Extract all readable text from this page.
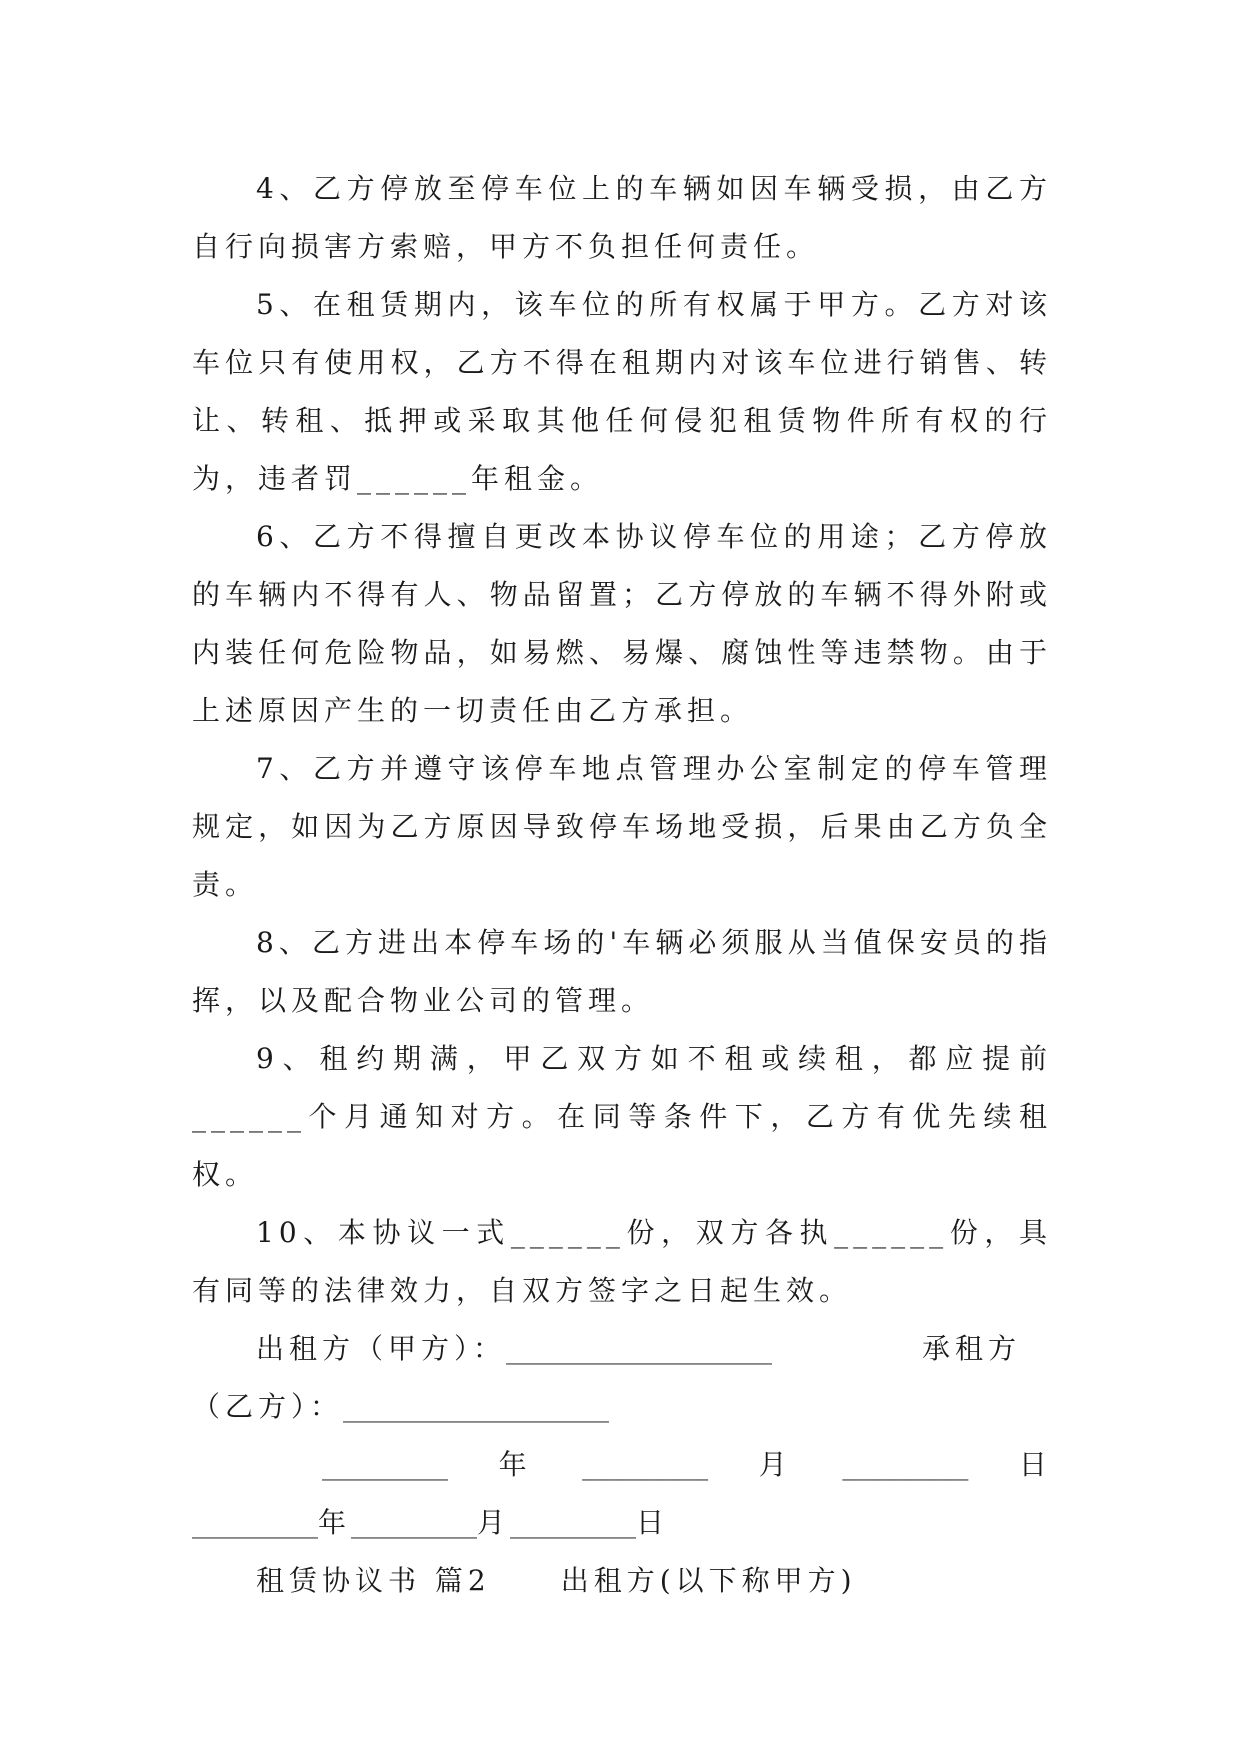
4、乙方停放至停车位上的车辆如因车辆受损，由乙方自行向损害方索赔，甲方不负担任何责任。

5、在租赁期内，该车位的所有权属于甲方。乙方对该车位只有使用权，乙方不得在租期内对该车位进行销售、转让、转租、抵押或采取其他任何侵犯租赁物件所有权的行为，违者罚______年租金。

6、乙方不得擅自更改本协议停车位的用途；乙方停放的车辆内不得有人、物品留置；乙方停放的车辆不得外附或内装任何危险物品，如易燃、易爆、腐蚀性等违禁物。由于上述原因产生的一切责任由乙方承担。

7、乙方并遵守该停车地点管理办公室制定的停车管理规定，如因为乙方原因导致停车场地受损，后果由乙方负全责。

8、乙方进出本停车场的'车辆必须服从当值保安员的指挥，以及配合物业公司的管理。

9、租约期满，甲乙双方如不租或续租，都应提前______个月通知对方。在同等条件下，乙方有优先续租权。

10、本协议一式______份，双方各执______份，具有同等的法律效力，自双方签字之日起生效。

出租方（甲方）：___________________	承租方（乙方）：___________________

_________ 年 _________ 月 _________ 日

_________年_________月_________日

租赁协议书 篇2	出租方(以下称甲方)
